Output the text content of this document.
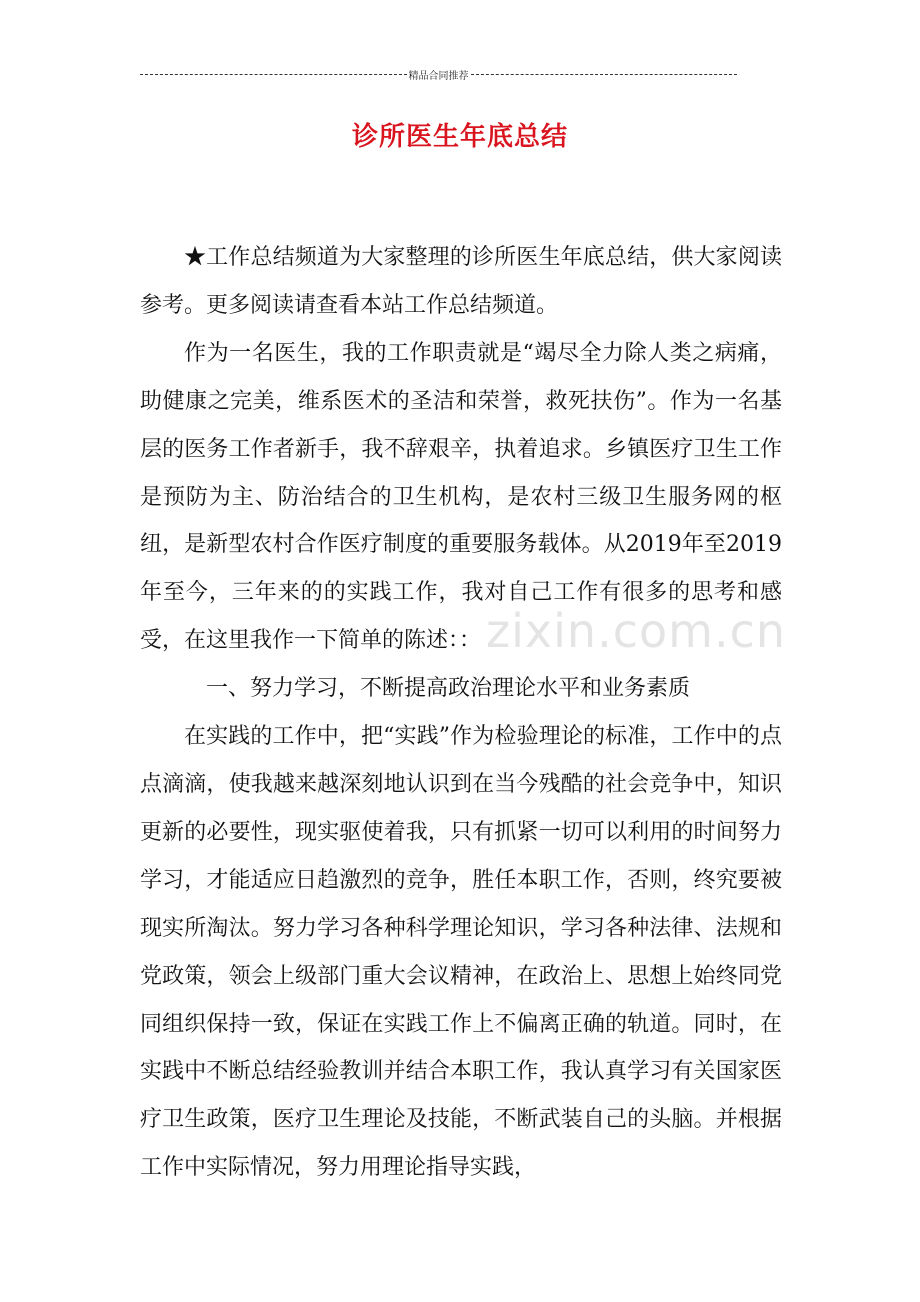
精品合同推荐
诊所医生年底总结
zixin.com.cn

★工作总结频道为大家整理的诊所医生年底总结，供大家阅读参考。更多阅读请查看本站工作总结频道。

作为一名医生，我的工作职责就是“竭尽全力除人类之病痛，助健康之完美，维系医术的圣洁和荣誉，救死扶伤”。作为一名基层的医务工作者新手，我不辞艰辛，执着追求。乡镇医疗卫生工作是预防为主、防治结合的卫生机构，是农村三级卫生服务网的枢纽，是新型农村合作医疗制度的重要服务载体。从2019年至2019年至今，三年来的的实践工作，我对自己工作有很多的思考和感受，在这里我作一下简单的陈述：：

一、努力学习，不断提高政治理论水平和业务素质

在实践的工作中，把“实践”作为检验理论的标准，工作中的点点滴滴，使我越来越深刻地认识到在当今残酷的社会竞争中，知识更新的必要性，现实驱使着我，只有抓紧一切可以利用的时间努力学习，才能适应日趋激烈的竞争，胜任本职工作，否则，终究要被现实所淘汰。努力学习各种科学理论知识，学习各种法律、法规和党政策，领会上级部门重大会议精神，在政治上、思想上始终同党同组织保持一致，保证在实践工作上不偏离正确的轨道。同时，在实践中不断总结经验教训并结合本职工作，我认真学习有关国家医疗卫生政策，医疗卫生理论及技能，不断武装自己的头脑。并根据工作中实际情况，努力用理论指导实践，
